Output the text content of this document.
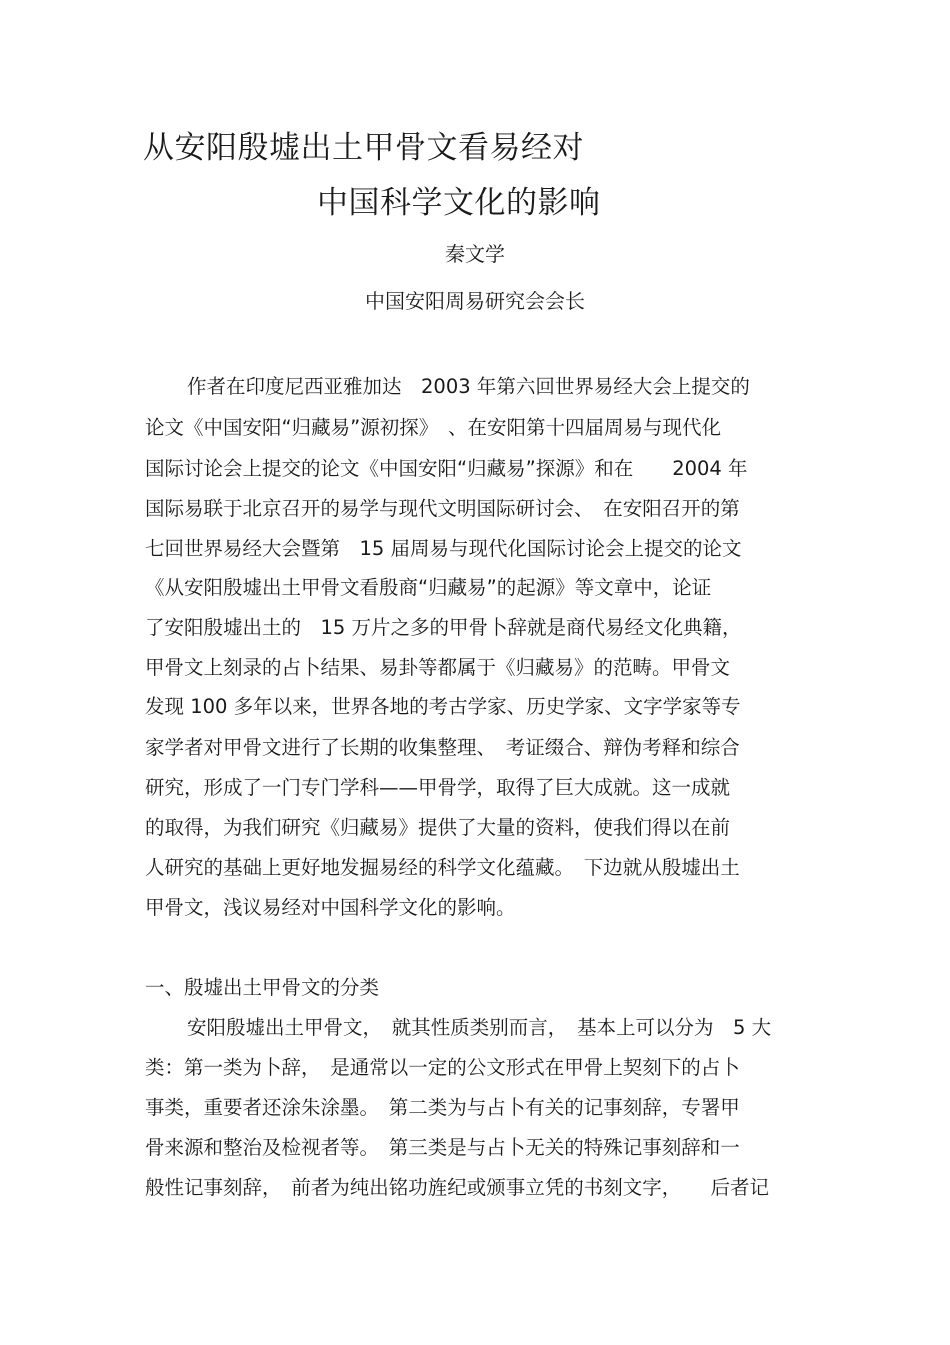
从安阳殷墟出土甲骨文看易经对
中国科学文化的影响
秦文学
中国安阳周易研究会会长
作者在印度尼西亚雅加达　2003 年第六回世界易经大会上提交的
论文《中国安阳“归藏易”源初探》　、在安阳第十四届周易与现代化
国际讨论会上提交的论文《中国安阳“归藏易”探源》和在　　2004 年
国际易联于北京召开的易学与现代文明国际研讨会、　在安阳召开的第
七回世界易经大会暨第　15 届周易与现代化国际讨论会上提交的论文
《从安阳殷墟出土甲骨文看殷商“归藏易”的起源》等文章中，论证
了安阳殷墟出土的　15 万片之多的甲骨卜辞就是商代易经文化典籍，
甲骨文上刻录的占卜结果、易卦等都属于《归藏易》的范畴。甲骨文
发现 100 多年以来，世界各地的考古学家、历史学家、文字学家等专
家学者对甲骨文进行了长期的收集整理、　考证缀合、辩伪考释和综合
研究，形成了一门专门学科——甲骨学，取得了巨大成就。这一成就
的取得，为我们研究《归藏易》提供了大量的资料，使我们得以在前
人研究的基础上更好地发掘易经的科学文化蕴藏。　下边就从殷墟出土
甲骨文，浅议易经对中国科学文化的影响。
一、殷墟出土甲骨文的分类
安阳殷墟出土甲骨文，　就其性质类别而言，　基本上可以分为　5 大
类：第一类为卜辞，　是通常以一定的公文形式在甲骨上契刻下的占卜
事类，重要者还涂朱涂墨。　第二类为与占卜有关的记事刻辞，专署甲
骨来源和整治及检视者等。　第三类是与占卜无关的特殊记事刻辞和一
般性记事刻辞，　前者为纯出铭功旌纪或颁事立凭的书刻文字，　　后者记
